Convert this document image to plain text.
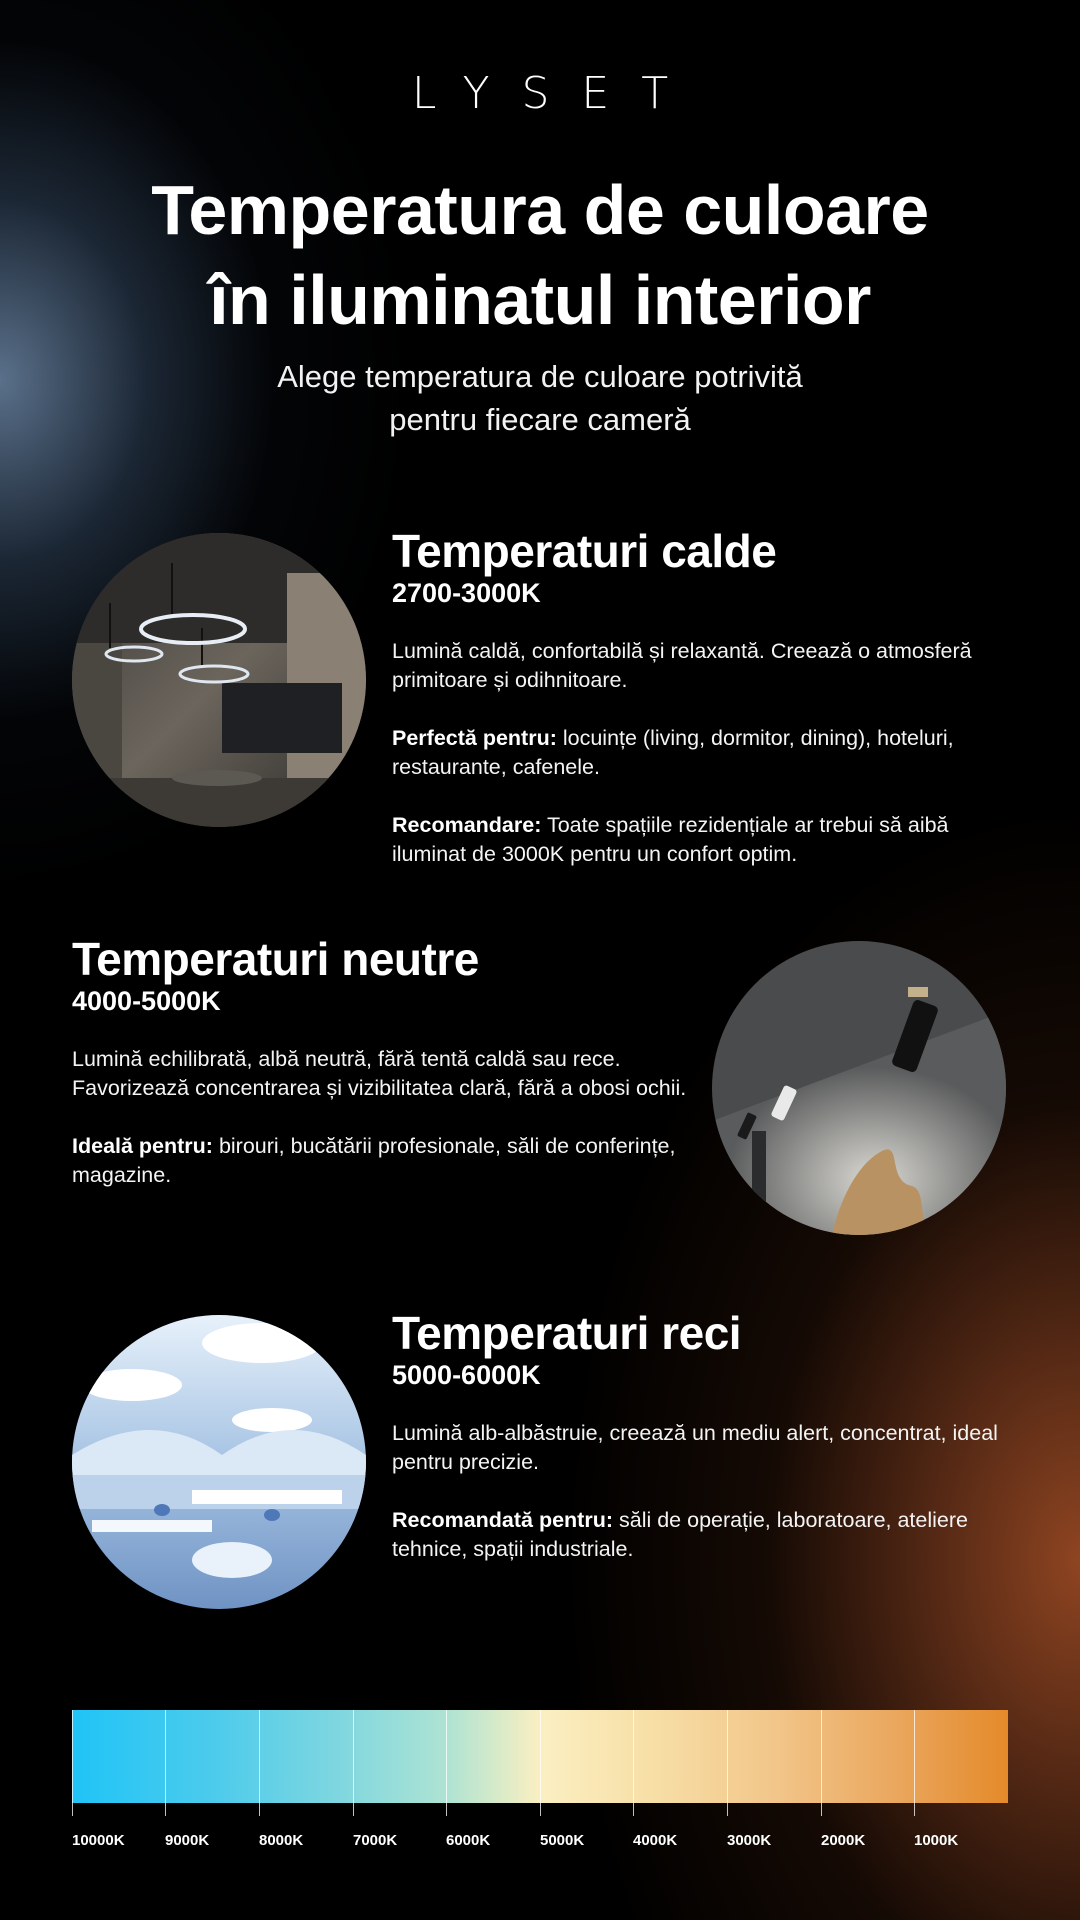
LYSET
Temperatura de culoare
în iluminatul interior
Alege temperatura de culoare potrivită
pentru fiecare cameră
Temperaturi calde
2700-3000K
Lumină caldă, confortabilă și relaxantă. Creează o atmosferă primitoare și odihnitoare.
Perfectă pentru: locuințe (living, dormitor, dining), hoteluri, restaurante, cafenele.
Recomandare: Toate spațiile rezidențiale ar trebui să aibă iluminat de 3000K pentru un confort optim.
Temperaturi neutre
4000-5000K
Lumină echilibrată, albă neutră, fără tentă caldă sau rece. Favorizează concentrarea și vizibilitatea clară, fără a obosi ochii.
Ideală pentru: birouri, bucătării profesionale, săli de conferințe, magazine.
Temperaturi reci
5000-6000K
Lumină alb-albăstruie, creează un mediu alert, concentrat, ideal pentru precizie.
Recomandată pentru: săli de operație, laboratoare, ateliere tehnice, spații industriale.
10000K	9000K	8000K	7000K	6000K	5000K	4000K	3000K	2000K	1000K
